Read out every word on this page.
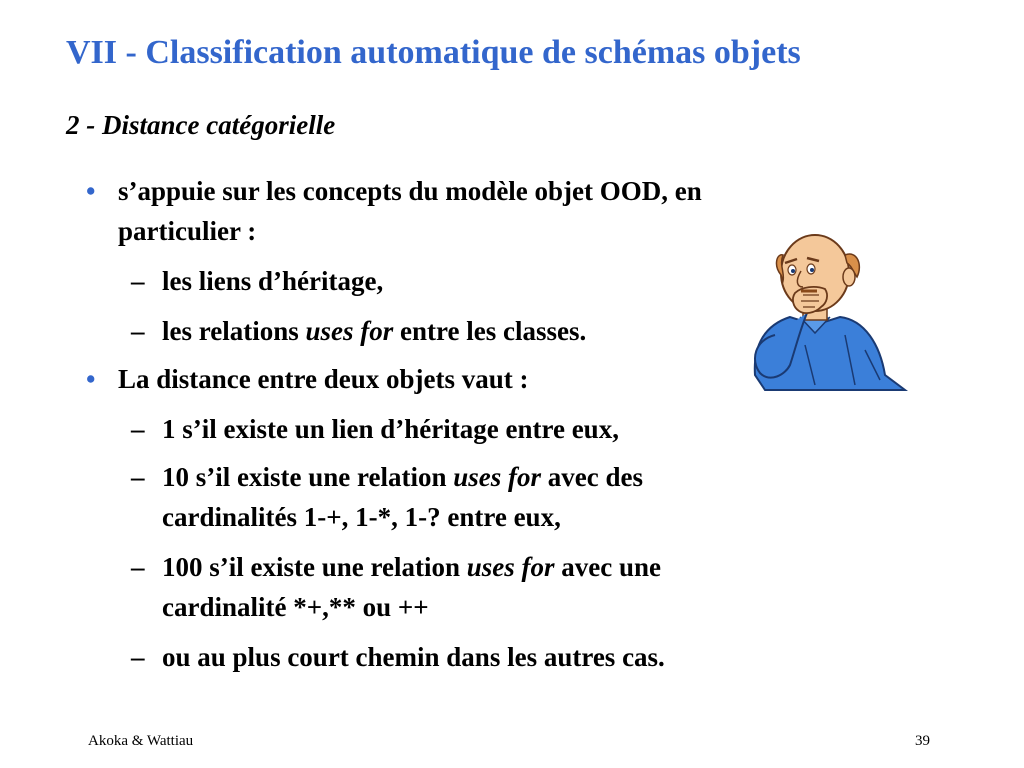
VII - Classification automatique de schémas objets
2 - Distance catégorielle
• s’appuie sur les concepts du modèle objet OOD, en
particulier :
– les liens d’héritage,
– les relations uses for entre les classes.
• La distance entre deux objets vaut :
– 1 s’il existe un lien d’héritage entre eux,
– 10 s’il existe une relation uses for avec des
cardinalités 1-+, 1-*, 1-? entre eux,
– 100 s’il existe une relation uses for avec une
cardinalité *+,** ou ++
– ou au plus court chemin dans les autres cas.
Akoka & Wattiau	39
